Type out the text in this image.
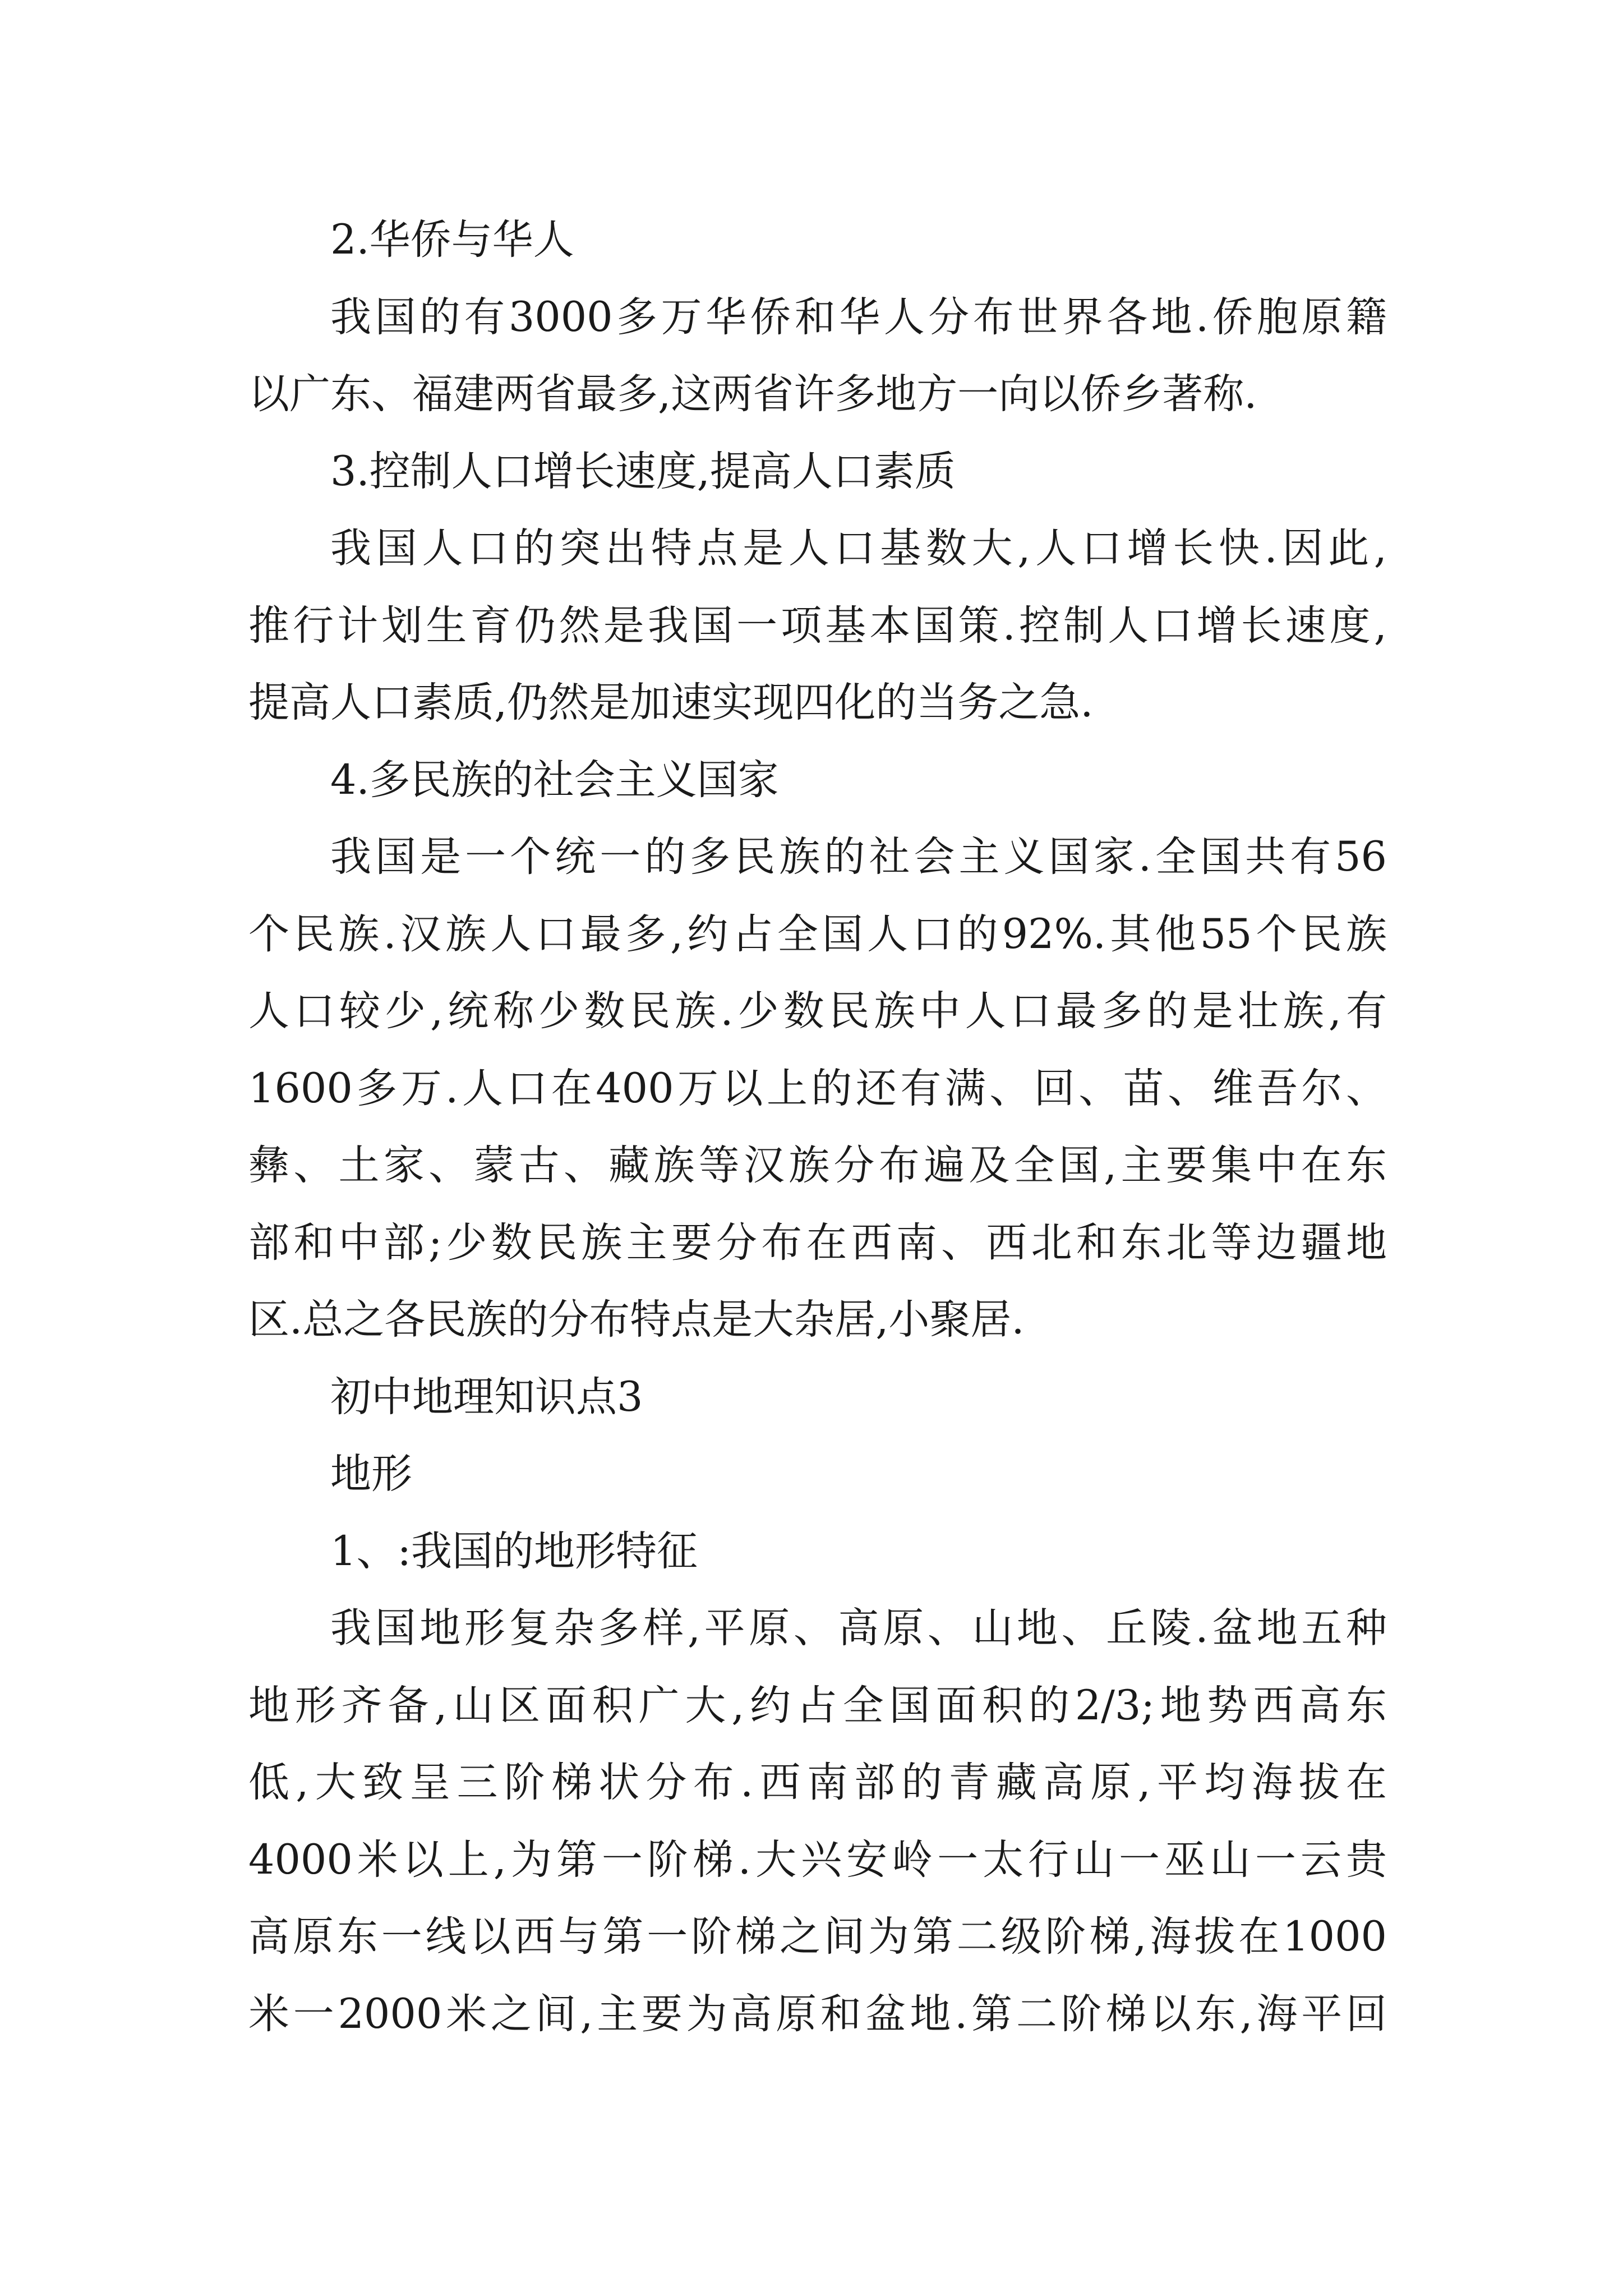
2.华侨与华人
我国的有3000多万华侨和华人分布世界各地.侨胞原籍
以广东、福建两省最多,这两省许多地方一向以侨乡著称.
3.控制人口增长速度,提高人口素质
我国人口的突出特点是人口基数大,人口增长快.因此,
推行计划生育仍然是我国一项基本国策.控制人口增长速度,
提高人口素质,仍然是加速实现四化的当务之急.
4.多民族的社会主义国家
我国是一个统一的多民族的社会主义国家.全国共有56
个民族.汉族人口最多,约占全国人口的92%.其他55个民族
人口较少,统称少数民族.少数民族中人口最多的是壮族,有
1600多万.人口在400万以上的还有满、回、苗、维吾尔、
彝、土家、蒙古、藏族等汉族分布遍及全国,主要集中在东
部和中部;少数民族主要分布在西南、西北和东北等边疆地
区.总之各民族的分布特点是大杂居,小聚居.
初中地理知识点3
地形
1、:我国的地形特征
我国地形复杂多样,平原、高原、山地、丘陵.盆地五种
地形齐备,山区面积广大,约占全国面积的2/3;地势西高东
低,大致呈三阶梯状分布.西南部的青藏高原,平均海拔在
4000米以上,为第一阶梯.大兴安岭一太行山一巫山一云贵
高原东一线以西与第一阶梯之间为第二级阶梯,海拔在1000
米一2000米之间,主要为高原和盆地.第二阶梯以东,海平回
